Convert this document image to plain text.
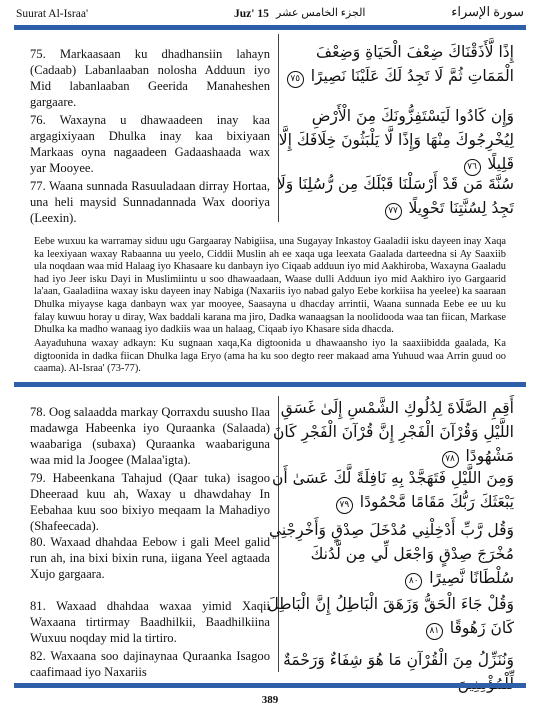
Suurat Al-Israa'	Juz' 15 الجزء الخامس عشر	سورة الإسراء
75. Markaasaan ku dhadhansiin lahayn (Cadaab) Labanlaaban nolosha Adduun iyo Mid labanlaaban Geerida Manaheshen gargaare.
إِذًا لَّأَذَقْنَاكَ ضِعْفَ الْحَيَاةِ وَضِعْفَ الْمَمَاتِ ثُمَّ لَا تَجِدُ لَكَ عَلَيْنَا نَصِيرًا ٧٥
76. Waxayna u dhawaadeen inay kaa argagixiyaan Dhulka inay kaa bixiyaan Markaas oyna nagaadeen Gadaashaada wax yar Mooyee.
وَإِن كَادُوا لَيَسْتَفِزُّونَكَ مِنَ الْأَرْضِ لِيُخْرِجُوكَ مِنْهَا وَإِذًا لَّا يَلْبَثُونَ خِلَافَكَ إِلَّا قَلِيلًا ٧٦
77. Waana sunnada Rasuuladaan dirray Hortaa, una heli maysid Sunnadannada Wax dooriya (Leexin).
سُنَّةَ مَن قَدْ أَرْسَلْنَا قَبْلَكَ مِن رُّسُلِنَا وَلَا تَجِدُ لِسُنَّتِنَا تَحْوِيلًا ٧٧
Eebe wuxuu ka warramay siduu ugu Gargaaray Nabigiisa, una Sugayay Inkastoy Gaaladii isku dayeen inay Xaqa ka leexiyaan waxay Rabaanna uu yeelo, Ciddii Muslin ah ee xaqa uga leexata Gaalada darteedna si Ay Saaxiib ula noqdaan waa mid Halaag iyo Khasaare ku danbayn iyo Ciqaab adduun iyo mid Aakhiroba, Waxayna Gaaladu had iyo Jeer isku Dayi in Muslimiintu u soo dhawaadaan, Waase dulli Adduun iyo mid Aakhiro iyo Gargaarid la'aan, Gaaladiina waxay isku dayeen inay Nabiga (Naxariis iyo nabad galyo Eebe korkiisa ha yeelee) ka saaraan Dhulka miyayse kaga danbayn wax yar mooyee, Saasayna u dhacday arrintii, Waana sunnada Eebe ee uu ku falay kuwuu horay u diray, Wax baddali karana ma jiro, Dadka wanaagsan la noolidooda waa tan fiican, Markase Dhulka ka madho wanaag iyo dadkiis waa un halaag, Ciqaab iyo Khasare sida dhacda.
Aayaduhuna waxay adkayn: Ku sugnaan xaqa,Ka digtoonida u dhawaansho iyo la saaxiibidda gaalada, Ka digtoonida in dadka fiican Dhulka laga Eryo (ama ha ku soo degto reer makaad ama Yuhuud waa Arrin guud oo caama). Al-Israa' (73-77).
78. Oog salaadda markay Qorraxdu suusho Ilaa madawga Habeenka iyo Quraanka (Salaada) waabariga (subaxa) Quraanka waabariguna waa mid la Joogee (Malaa'igta).
أَقِمِ الصَّلَاةَ لِدُلُوكِ الشَّمْسِ إِلَىٰ غَسَقِ اللَّيْلِ وَقُرْآنَ الْفَجْرِ إِنَّ قُرْآنَ الْفَجْرِ كَانَ مَشْهُودًا ٧٨
79. Habeenkana Tahajud (Qaar tuka) isagoo Dheeraad kuu ah, Waxay u dhawdahay In Eebahaa kuu soo bixiyo meqaam la Mahadiyo (Shafeecada).
وَمِنَ اللَّيْلِ فَتَهَجَّدْ بِهِ نَافِلَةً لَّكَ عَسَىٰ أَن يَبْعَثَكَ رَبُّكَ مَقَامًا مَّحْمُودًا ٧٩
80. Waxaad dhahdaa Eebow i gali Meel galid run ah, ina bixi bixin runa, iigana Yeel agtaada Xujo gargaara.
وَقُل رَّبِّ أَدْخِلْنِي مُدْخَلَ صِدْقٍ وَأَخْرِجْنِي مُخْرَجَ صِدْقٍ وَاجْعَل لِّي مِن لَّدُنكَ سُلْطَانًا نَّصِيرًا ٨٠
81. Waxaad dhahdaa waxaa yimid Xaqii Waxaana tirtirmay Baadhilkii, Baadhilkiina Wuxuu noqday mid la tirtiro.
وَقُلْ جَاءَ الْحَقُّ وَزَهَقَ الْبَاطِلُ إِنَّ الْبَاطِلَ كَانَ زَهُوقًا ٨١
82. Waxaana soo dajinaynaa Quraanka Isagoo caafimaad iyo Naxariis
وَنُنَزِّلُ مِنَ الْقُرْآنِ مَا هُوَ شِفَاءٌ وَرَحْمَةٌ
389
